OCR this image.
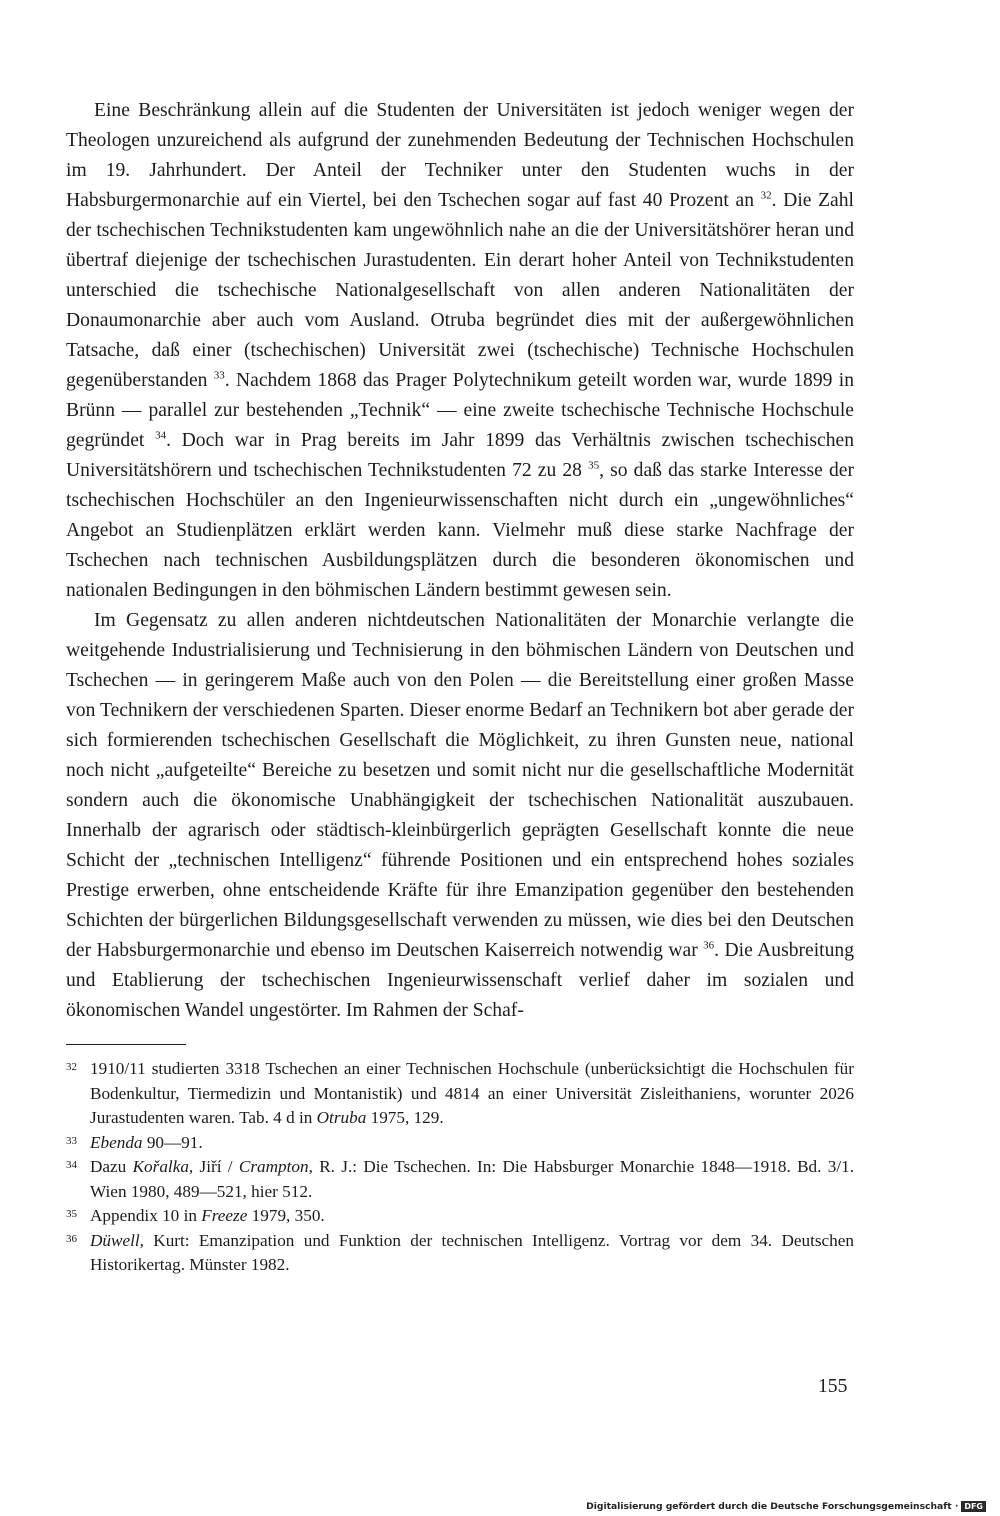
Eine Beschränkung allein auf die Studenten der Universitäten ist jedoch weniger wegen der Theologen unzureichend als aufgrund der zunehmenden Bedeutung der Technischen Hochschulen im 19. Jahrhundert. Der Anteil der Techniker unter den Studenten wuchs in der Habsburgermonarchie auf ein Viertel, bei den Tschechen sogar auf fast 40 Prozent an $^{32}$. Die Zahl der tschechischen Technikstudenten kam ungewöhnlich nahe an die der Universitätshörer heran und übertraf diejenige der tschechischen Jurastudenten. Ein derart hoher Anteil von Technikstudenten unterschied die tschechische Nationalgesellschaft von allen anderen Nationalitäten der Donaumonarchie aber auch vom Ausland. Otruba begründet dies mit der außergewöhnlichen Tatsache, daß einer (tschechischen) Universität zwei (tschechische) Technische Hochschulen gegenüberstanden $^{33}$. Nachdem 1868 das Prager Polytechnikum geteilt worden war, wurde 1899 in Brünn — parallel zur bestehenden „Technik“ — eine zweite tschechische Technische Hochschule gegründet $^{34}$. Doch war in Prag bereits im Jahr 1899 das Verhältnis zwischen tschechischen Universitätshörern und tschechischen Technikstudenten 72 zu 28 $^{35}$, so daß das starke Interesse der tschechischen Hochschüler an den Ingenieurwissenschaften nicht durch ein „ungewöhnliches“ Angebot an Studienplätzen erklärt werden kann. Vielmehr muß diese starke Nachfrage der Tschechen nach technischen Ausbildungsplätzen durch die besonderen ökonomischen und nationalen Bedingungen in den böhmischen Ländern bestimmt gewesen sein.

Im Gegensatz zu allen anderen nichtdeutschen Nationalitäten der Monarchie verlangte die weitgehende Industrialisierung und Technisierung in den böhmischen Ländern von Deutschen und Tschechen — in geringerem Maße auch von den Polen — die Bereitstellung einer großen Masse von Technikern der verschiedenen Sparten. Dieser enorme Bedarf an Technikern bot aber gerade der sich formierenden tschechischen Gesellschaft die Möglichkeit, zu ihren Gunsten neue, national noch nicht „aufgeteilte“ Bereiche zu besetzen und somit nicht nur die gesellschaftliche Modernität sondern auch die ökonomische Unabhängigkeit der tschechischen Nationalität auszubauen. Innerhalb der agrarisch oder städtisch-kleinbürgerlich geprägten Gesellschaft konnte die neue Schicht der „technischen Intelligenz“ führende Positionen und ein entsprechend hohes soziales Prestige erwerben, ohne entscheidende Kräfte für ihre Emanzipation gegenüber den bestehenden Schichten der bürgerlichen Bildungsgesellschaft verwenden zu müssen, wie dies bei den Deutschen der Habsburgermonarchie und ebenso im Deutschen Kaiserreich notwendig war $^{36}$. Die Ausbreitung und Etablierung der tschechischen Ingenieurwissenschaft verlief daher im sozialen und ökonomischen Wandel ungestörter. Im Rahmen der Schaf-

32 1910/11 studierten 3318 Tschechen an einer Technischen Hochschule (unberücksichtigt die Hochschulen für Bodenkultur, Tiermedizin und Montanistik) und 4814 an einer Universität Zisleithaniens, worunter 2026 Jurastudenten waren. Tab. 4 d in Otruba 1975, 129.
33 Ebenda 90—91.
34 Dazu Kořalka, Jiří / Crampton, R. J.: Die Tschechen. In: Die Habsburger Monarchie 1848—1918. Bd. 3/1. Wien 1980, 489—521, hier 512.
35 Appendix 10 in Freeze 1979, 350.
36 Düwell, Kurt: Emanzipation und Funktion der technischen Intelligenz. Vortrag vor dem 34. Deutschen Historikertag. Münster 1982.
155
Digitalisierung gefördert durch die Deutsche Forschungsgemeinschaft · DFG
